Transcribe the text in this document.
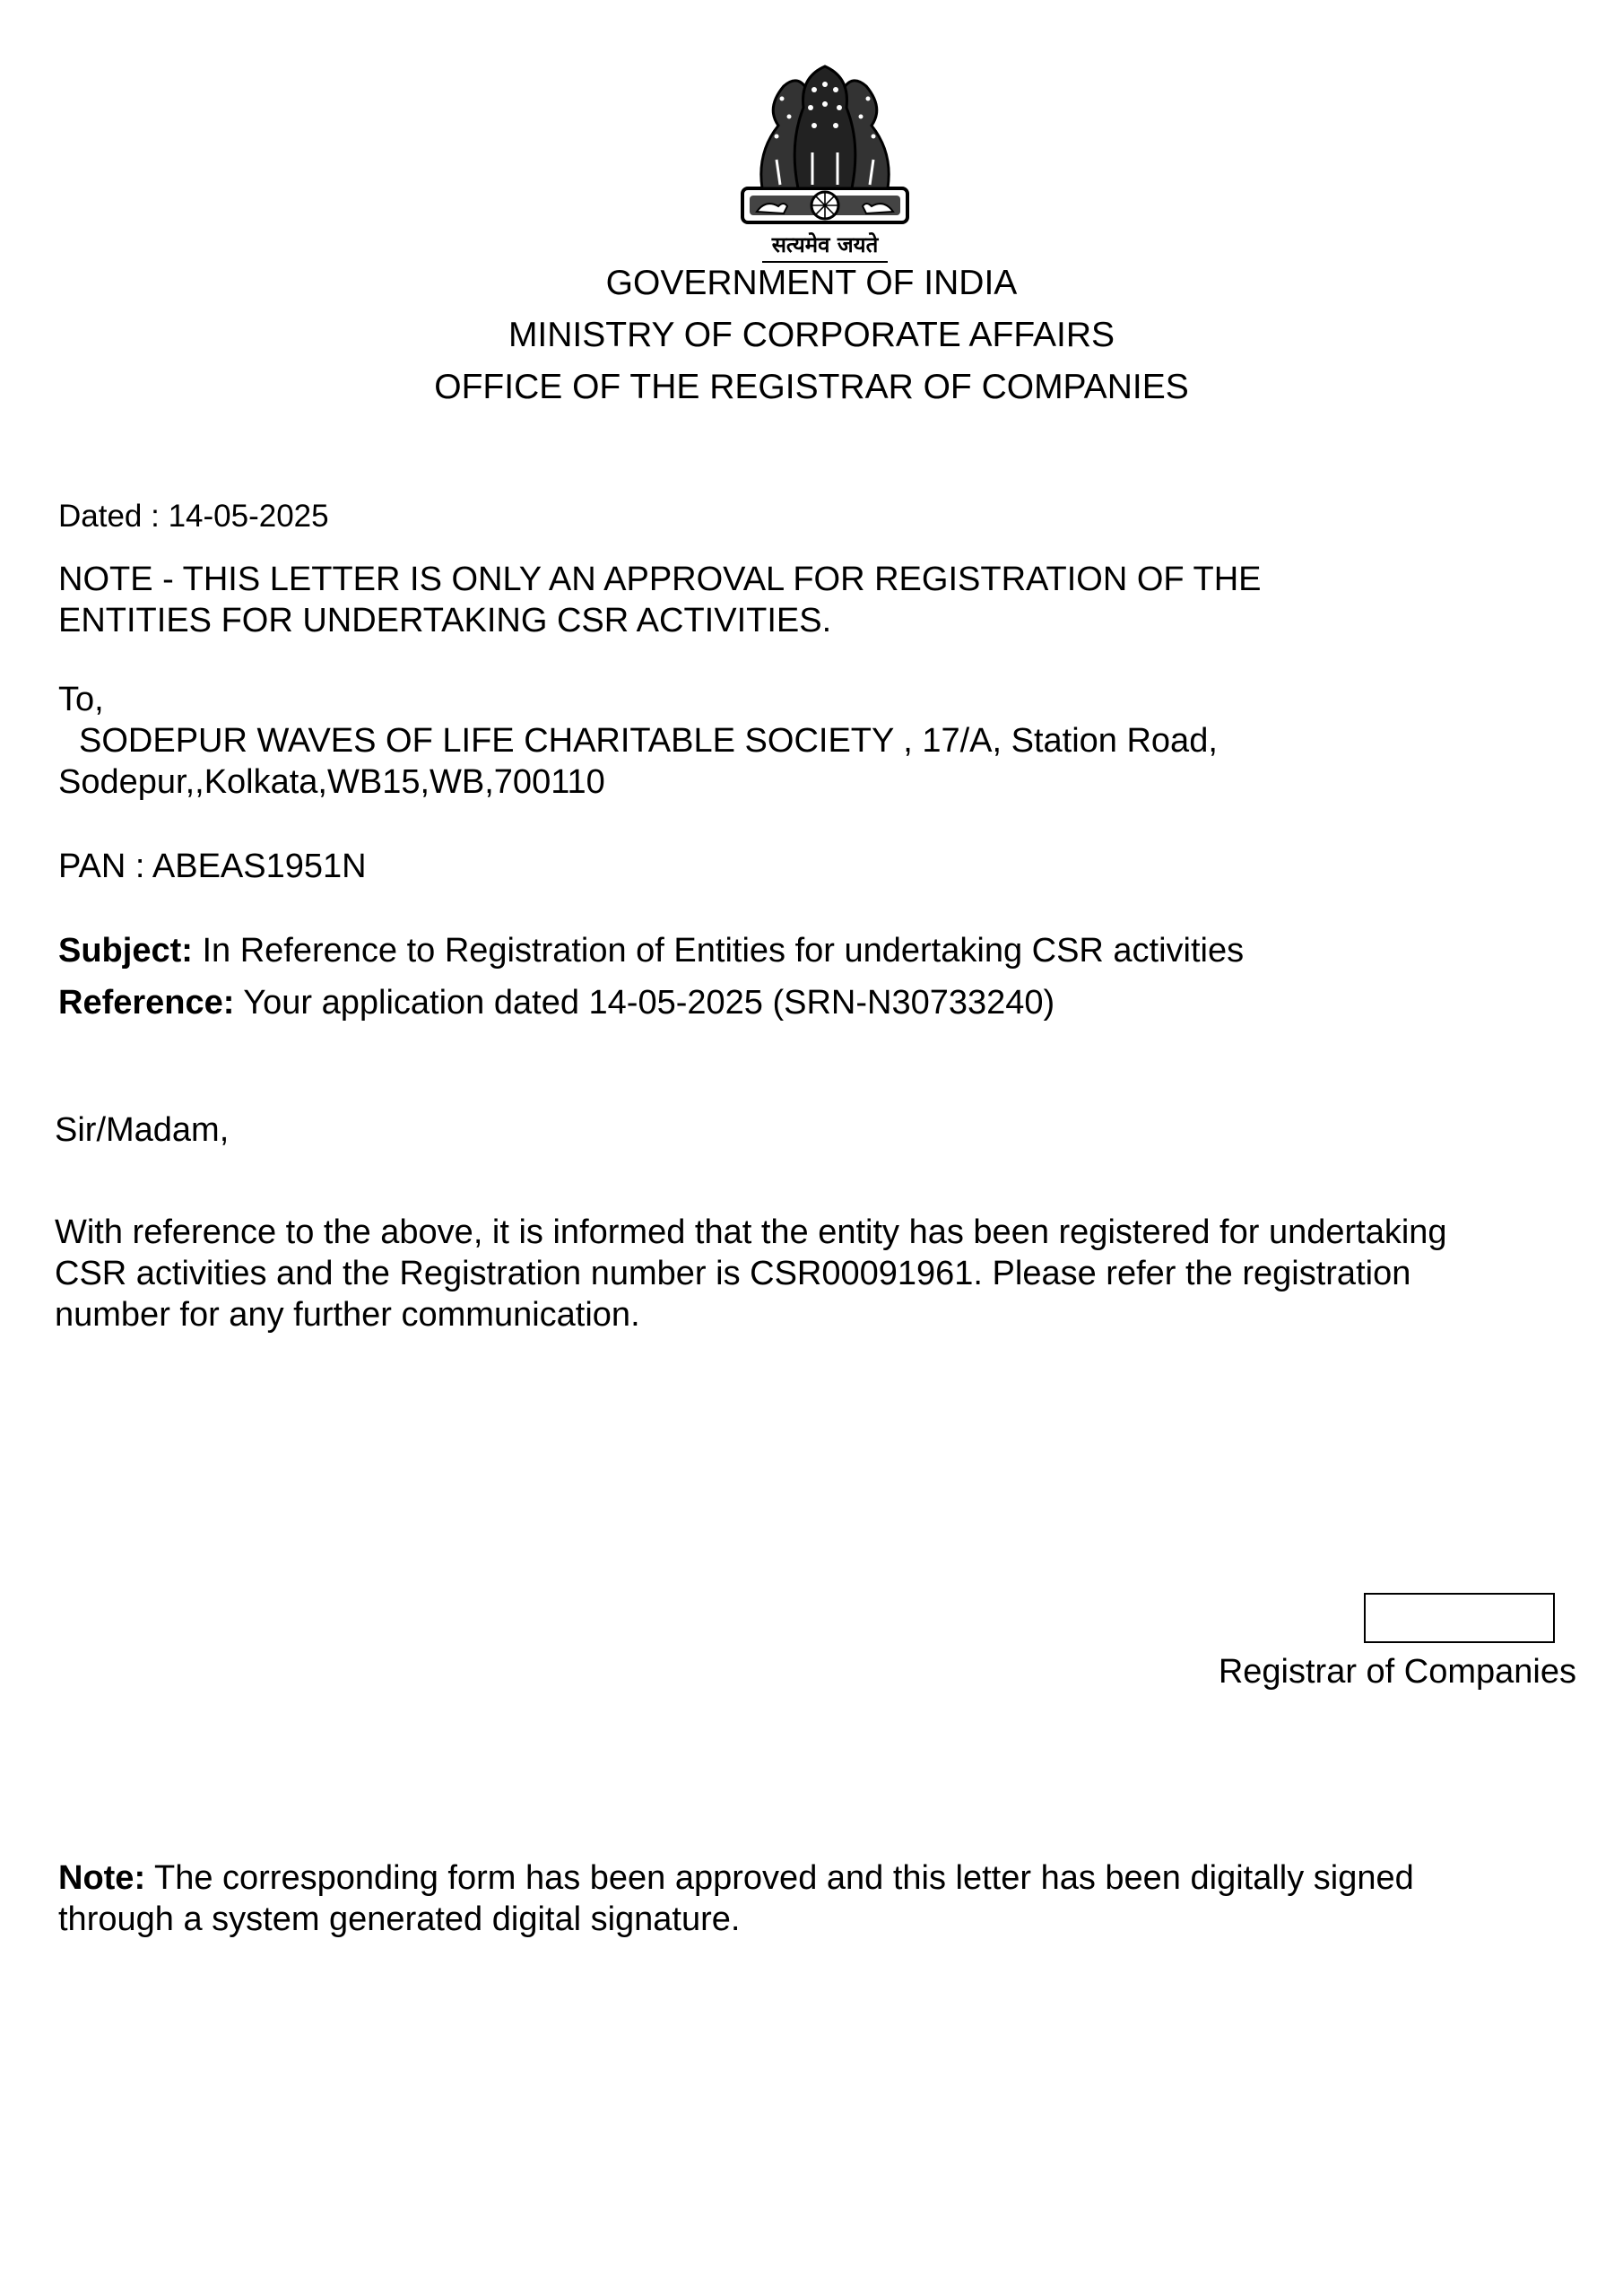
सत्यमेव जयते
GOVERNMENT OF INDIA
MINISTRY OF CORPORATE AFFAIRS
OFFICE OF THE REGISTRAR OF COMPANIES
Dated : 14-05-2025
NOTE - THIS LETTER IS ONLY AN APPROVAL FOR REGISTRATION OF THE
ENTITIES FOR UNDERTAKING CSR ACTIVITIES.
To,
SODEPUR WAVES OF LIFE CHARITABLE SOCIETY , 17/A, Station Road,
Sodepur,,Kolkata,WB15,WB,700110
PAN : ABEAS1951N
Subject: In Reference to Registration of Entities for undertaking CSR activities
Reference: Your application dated 14-05-2025 (SRN-N30733240)
Sir/Madam,
With reference to the above, it is informed that the entity has been registered for undertaking
CSR activities and the Registration number is CSR00091961. Please refer the registration
number for any further communication.
Registrar of Companies
Note: The corresponding form has been approved and this letter has been digitally signed
through a system generated digital signature.
